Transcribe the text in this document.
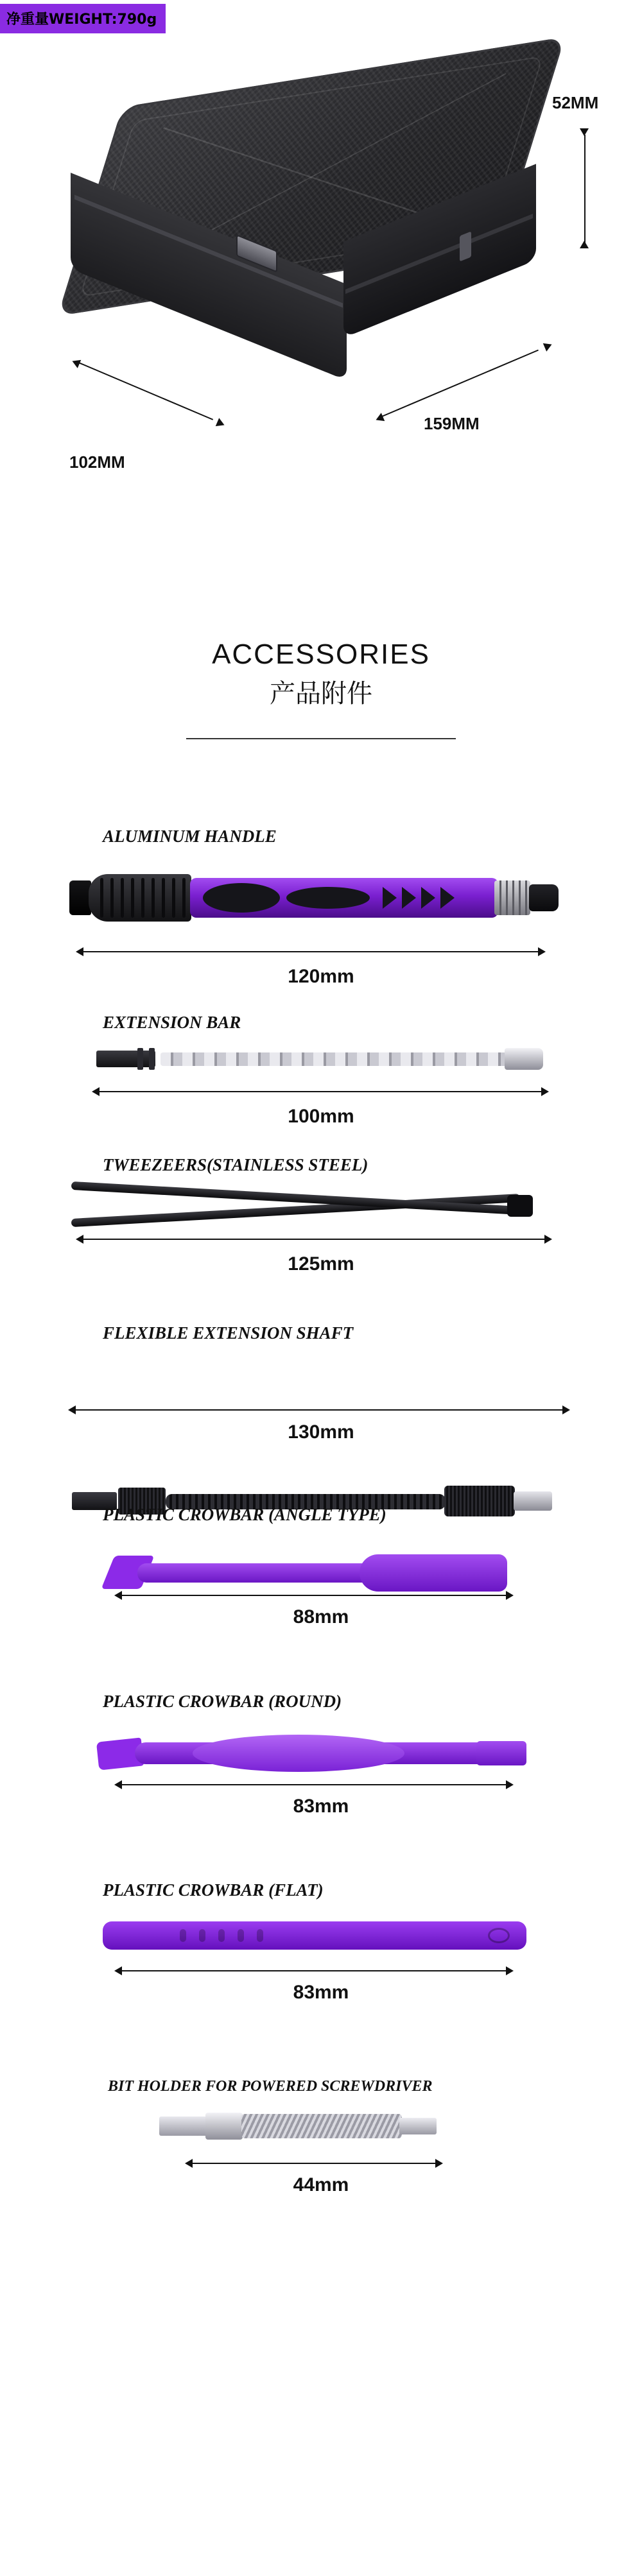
净重量WEIGHT:790g
52MM
159MM
102MM
ACCESSORIES
产品附件
ALUMINUM HANDLE
120mm
EXTENSION BAR
100mm
TWEEZEERS(STAINLESS STEEL)
125mm
FLEXIBLE EXTENSION SHAFT
130mm
PLASTIC CROWBAR (ANGLE TYPE)
88mm
PLASTIC CROWBAR (ROUND)
83mm
PLASTIC CROWBAR (FLAT)
83mm
BIT HOLDER FOR POWERED SCREWDRIVER
44mm
